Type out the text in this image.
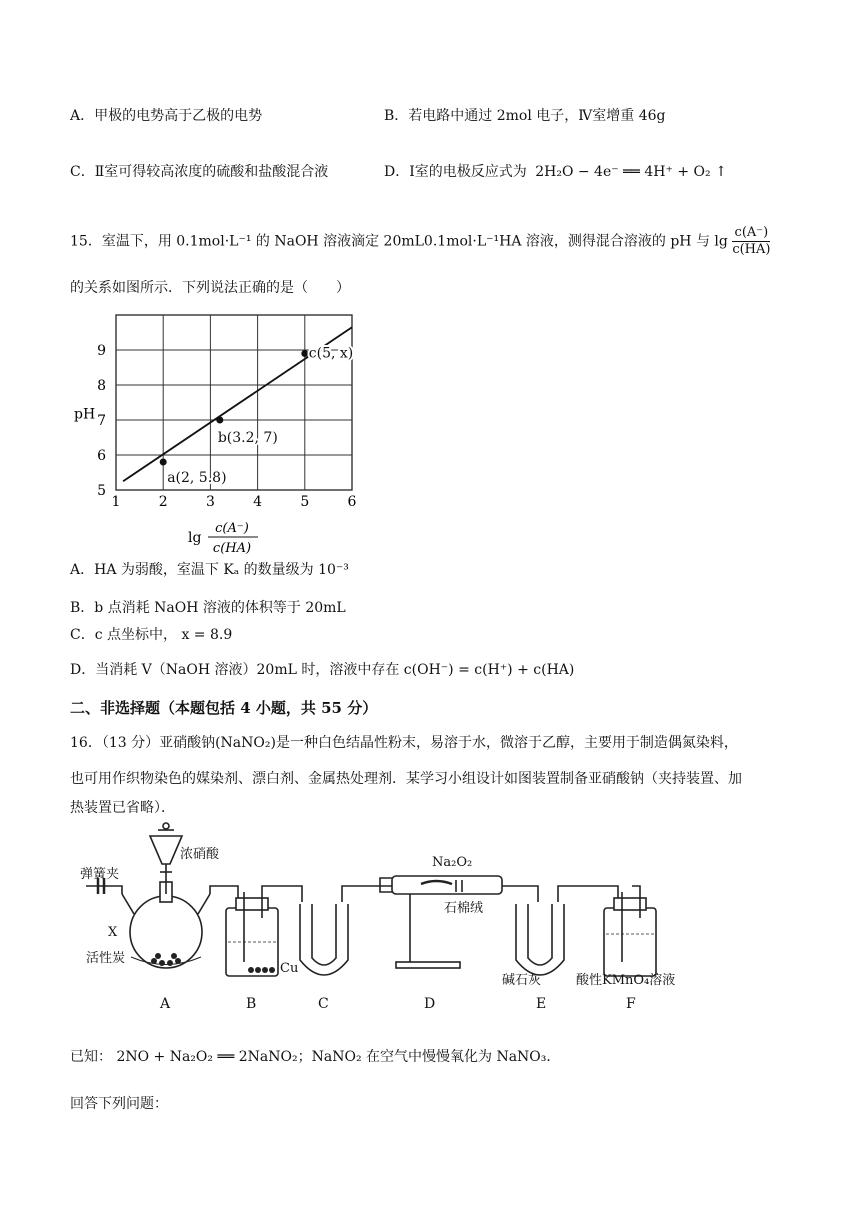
A．甲极的电势高于乙极的电势	B．若电路中通过 2mol 电子，Ⅳ室增重 46g
C．Ⅱ室可得较高浓度的硫酸和盐酸混合液	D．Ⅰ室的电极反应式为 2H₂O − 4e⁻ ══ 4H⁺ + O₂ ↑
15．室温下，用 0.1mol·L⁻¹ 的 NaOH 溶液滴定 20mL0.1mol·L⁻¹HA 溶液，测得混合溶液的 pH 与 $\lg \frac{c(A^-)}{c(HA)}$
的关系如图所示．下列说法正确的是（　　）
1	2	3	4	5	6
5
6
7
8
9
pH
lg
c(A⁻)
c(HA)
a(2, 5.8)
b(3.2, 7)
c(5, x)
A．HA 为弱酸，室温下 Kₐ 的数量级为 10⁻³
B．b 点消耗 NaOH 溶液的体积等于 20mL
C．c 点坐标中， x = 8.9
D．当消耗 V（NaOH 溶液）20mL 时，溶液中存在 c(OH⁻) = c(H⁺) + c(HA)
二、非选择题（本题包括 4 小题，共 55 分）
16．（13 分）亚硝酸钠(NaNO₂)是一种白色结晶性粉末，易溶于水，微溶于乙醇，主要用于制造偶氮染料，
也可用作织物染色的媒染剂、漂白剂、金属热处理剂．某学习小组设计如图装置制备亚硝酸钠（夹持装置、加
热装置已省略）．
弹簧夹
浓硝酸
X
活性炭
Cu
Na₂O₂
石棉绒
碱石灰	酸性KMnO₄溶液
A	B	C	D	E	F
已知： 2NO + Na₂O₂ ══ 2NaNO₂；NaNO₂ 在空气中慢慢氧化为 NaNO₃．
回答下列问题：
